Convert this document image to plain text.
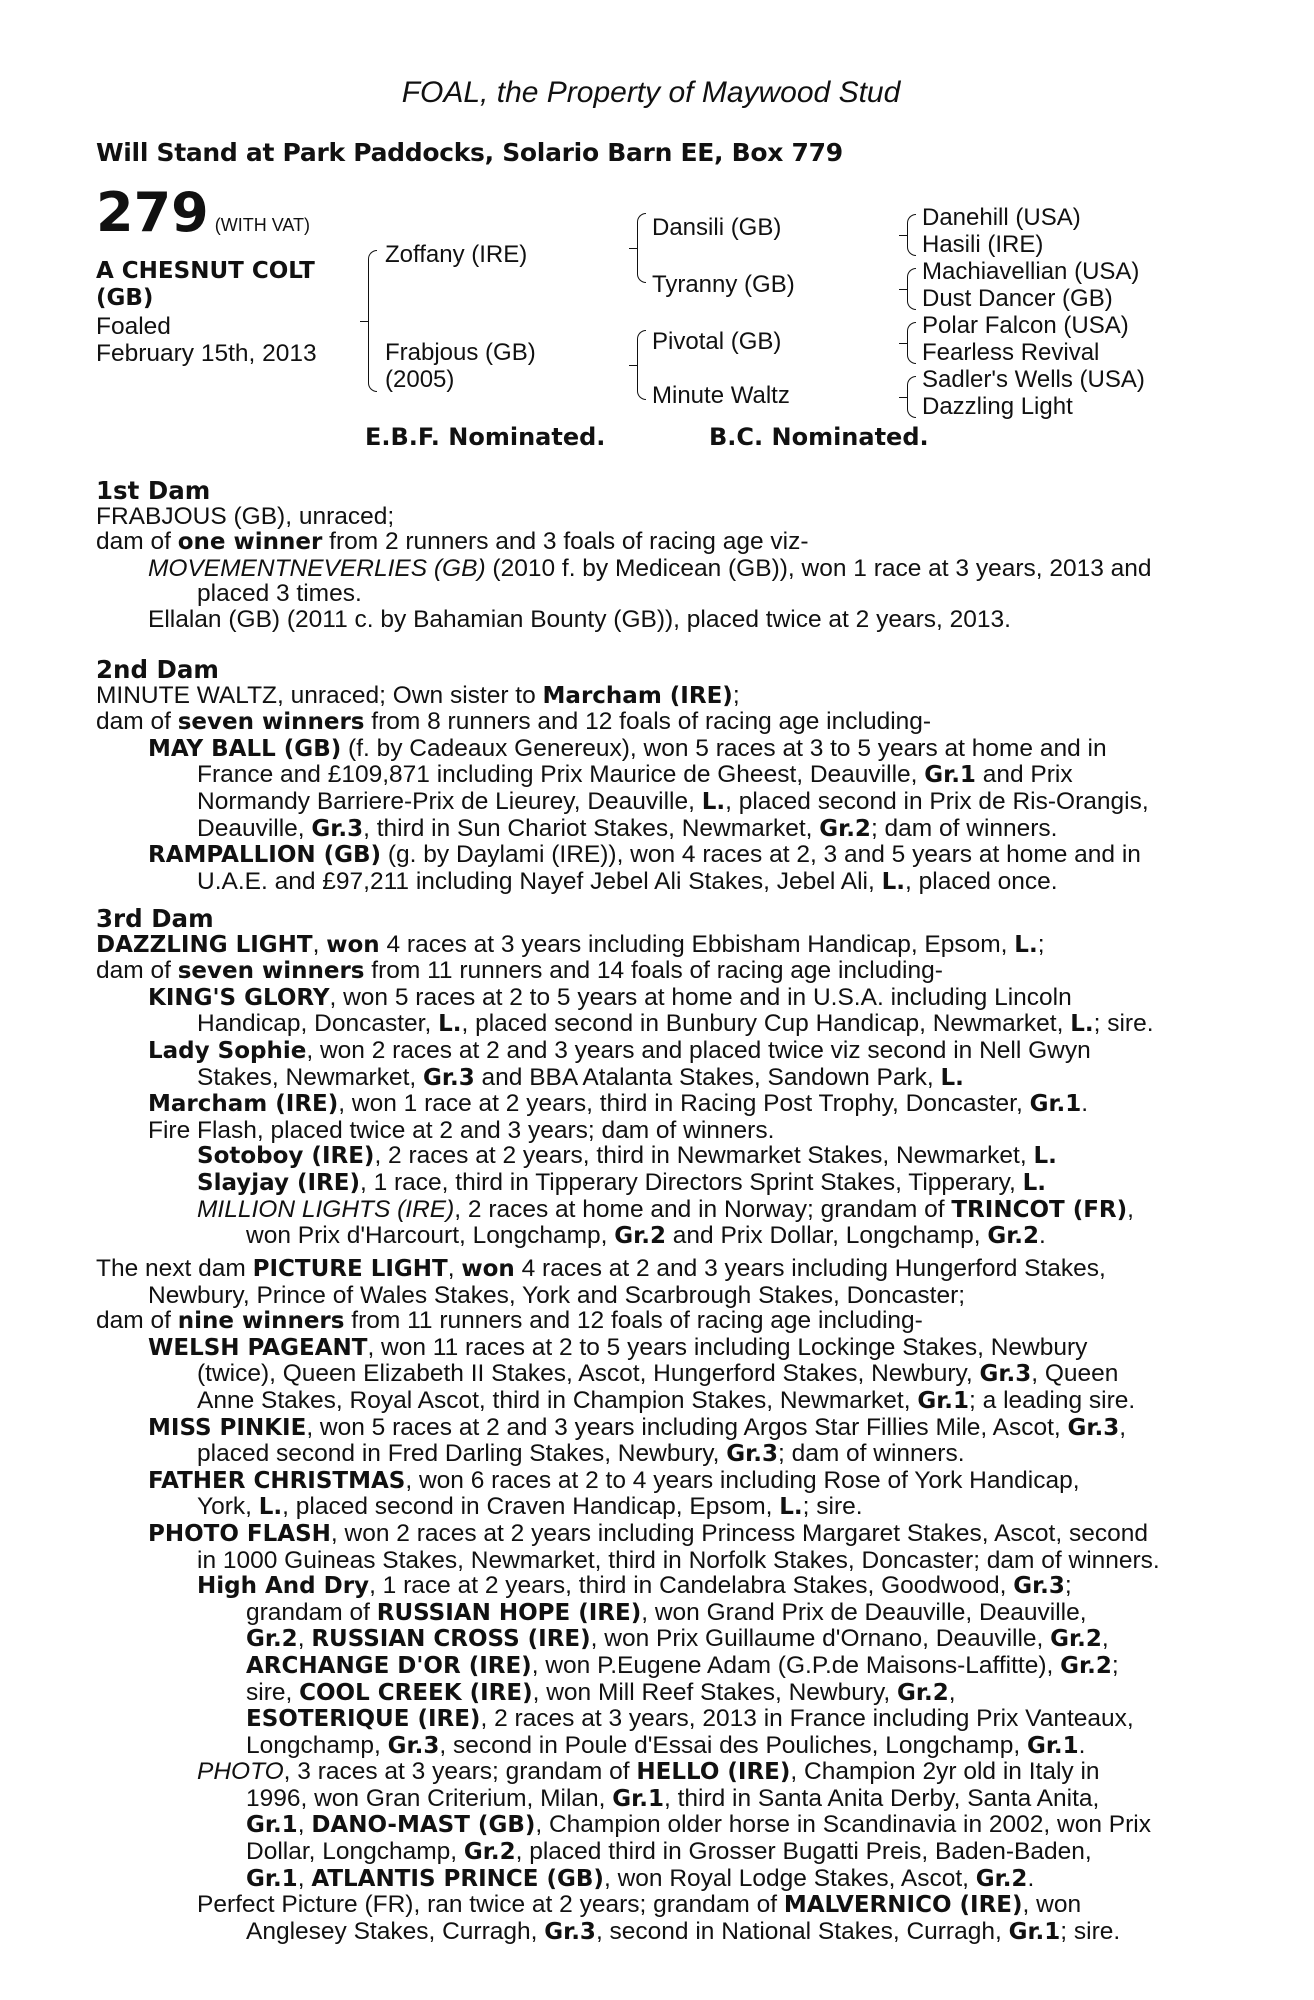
FOAL, the Property of Maywood Stud
Will Stand at Park Paddocks, Solario Barn EE, Box 779
279 (WITH VAT)
A CHESNUT COLT (GB)
Foaled
February 15th, 2013
Zoffany (IRE)
Frabjous (GB)
(2005)
Dansili (GB)
Tyranny (GB)
Pivotal (GB)
Minute Waltz
Danehill (USA)
Hasili (IRE)
Machiavellian (USA)
Dust Dancer (GB)
Polar Falcon (USA)
Fearless Revival
Sadler's Wells (USA)
Dazzling Light
E.B.F. Nominated.	B.C. Nominated.
1st Dam
FRABJOUS (GB), unraced;
dam of one winner from 2 runners and 3 foals of racing age viz-
MOVEMENTNEVERLIES (GB) (2010 f. by Medicean (GB)), won 1 race at 3 years, 2013 and
placed 3 times.
Ellalan (GB) (2011 c. by Bahamian Bounty (GB)), placed twice at 2 years, 2013.
2nd Dam
MINUTE WALTZ, unraced; Own sister to Marcham (IRE);
dam of seven winners from 8 runners and 12 foals of racing age including-
MAY BALL (GB) (f. by Cadeaux Genereux), won 5 races at 3 to 5 years at home and in
France and £109,871 including Prix Maurice de Gheest, Deauville, Gr.1 and Prix
Normandy Barriere-Prix de Lieurey, Deauville, L., placed second in Prix de Ris-Orangis,
Deauville, Gr.3, third in Sun Chariot Stakes, Newmarket, Gr.2; dam of winners.
RAMPALLION (GB) (g. by Daylami (IRE)), won 4 races at 2, 3 and 5 years at home and in
U.A.E. and £97,211 including Nayef Jebel Ali Stakes, Jebel Ali, L., placed once.
3rd Dam
DAZZLING LIGHT, won 4 races at 3 years including Ebbisham Handicap, Epsom, L.;
dam of seven winners from 11 runners and 14 foals of racing age including-
KING'S GLORY, won 5 races at 2 to 5 years at home and in U.S.A. including Lincoln
Handicap, Doncaster, L., placed second in Bunbury Cup Handicap, Newmarket, L.; sire.
Lady Sophie, won 2 races at 2 and 3 years and placed twice viz second in Nell Gwyn
Stakes, Newmarket, Gr.3 and BBA Atalanta Stakes, Sandown Park, L.
Marcham (IRE), won 1 race at 2 years, third in Racing Post Trophy, Doncaster, Gr.1.
Fire Flash, placed twice at 2 and 3 years; dam of winners.
Sotoboy (IRE), 2 races at 2 years, third in Newmarket Stakes, Newmarket, L.
Slayjay (IRE), 1 race, third in Tipperary Directors Sprint Stakes, Tipperary, L.
MILLION LIGHTS (IRE), 2 races at home and in Norway; grandam of TRINCOT (FR),
won Prix d'Harcourt, Longchamp, Gr.2 and Prix Dollar, Longchamp, Gr.2.
The next dam PICTURE LIGHT, won 4 races at 2 and 3 years including Hungerford Stakes,
Newbury, Prince of Wales Stakes, York and Scarbrough Stakes, Doncaster;
dam of nine winners from 11 runners and 12 foals of racing age including-
WELSH PAGEANT, won 11 races at 2 to 5 years including Lockinge Stakes, Newbury
(twice), Queen Elizabeth II Stakes, Ascot, Hungerford Stakes, Newbury, Gr.3, Queen
Anne Stakes, Royal Ascot, third in Champion Stakes, Newmarket, Gr.1; a leading sire.
MISS PINKIE, won 5 races at 2 and 3 years including Argos Star Fillies Mile, Ascot, Gr.3,
placed second in Fred Darling Stakes, Newbury, Gr.3; dam of winners.
FATHER CHRISTMAS, won 6 races at 2 to 4 years including Rose of York Handicap,
York, L., placed second in Craven Handicap, Epsom, L.; sire.
PHOTO FLASH, won 2 races at 2 years including Princess Margaret Stakes, Ascot, second
in 1000 Guineas Stakes, Newmarket, third in Norfolk Stakes, Doncaster; dam of winners.
High And Dry, 1 race at 2 years, third in Candelabra Stakes, Goodwood, Gr.3;
grandam of RUSSIAN HOPE (IRE), won Grand Prix de Deauville, Deauville,
Gr.2, RUSSIAN CROSS (IRE), won Prix Guillaume d'Ornano, Deauville, Gr.2,
ARCHANGE D'OR (IRE), won P.Eugene Adam (G.P.de Maisons-Laffitte), Gr.2;
sire, COOL CREEK (IRE), won Mill Reef Stakes, Newbury, Gr.2,
ESOTERIQUE (IRE), 2 races at 3 years, 2013 in France including Prix Vanteaux,
Longchamp, Gr.3, second in Poule d'Essai des Pouliches, Longchamp, Gr.1.
PHOTO, 3 races at 3 years; grandam of HELLO (IRE), Champion 2yr old in Italy in
1996, won Gran Criterium, Milan, Gr.1, third in Santa Anita Derby, Santa Anita,
Gr.1, DANO-MAST (GB), Champion older horse in Scandinavia in 2002, won Prix
Dollar, Longchamp, Gr.2, placed third in Grosser Bugatti Preis, Baden-Baden,
Gr.1, ATLANTIS PRINCE (GB), won Royal Lodge Stakes, Ascot, Gr.2.
Perfect Picture (FR), ran twice at 2 years; grandam of MALVERNICO (IRE), won
Anglesey Stakes, Curragh, Gr.3, second in National Stakes, Curragh, Gr.1; sire.
